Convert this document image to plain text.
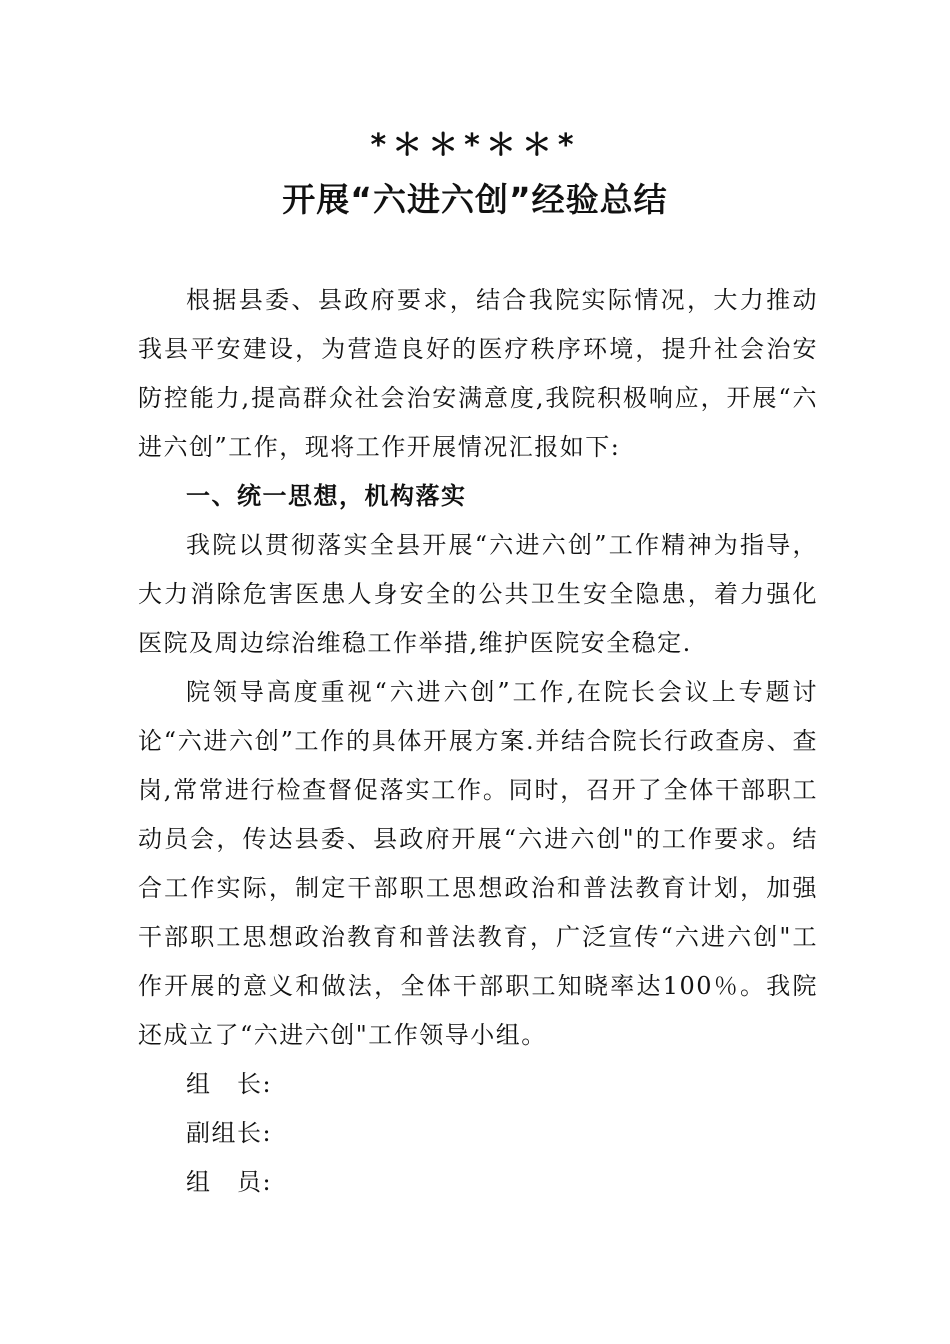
*＊＊*＊＊*
开展“六进六创”经验总结

根据县委、县政府要求，结合我院实际情况，大力推动我县平安建设，为营造良好的医疗秩序环境，提升社会治安防控能力,提高群众社会治安满意度,我院积极响应，开展“六进六创”工作，现将工作开展情况汇报如下:

一、统一思想，机构落实

我院以贯彻落实全县开展“六进六创”工作精神为指导，大力消除危害医患人身安全的公共卫生安全隐患，着力强化医院及周边综治维稳工作举措,维护医院安全稳定.

院领导高度重视“六进六创”工作,在院长会议上专题讨论“六进六创”工作的具体开展方案.并结合院长行政查房、查岗,常常进行检查督促落实工作。同时，召开了全体干部职工动员会，传达县委、县政府开展“六进六创"的工作要求。结合工作实际，制定干部职工思想政治和普法教育计划，加强干部职工思想政治教育和普法教育，广泛宣传“六进六创"工作开展的意义和做法，全体干部职工知晓率达100％。我院还成立了“六进六创"工作领导小组。

组　长:

副组长:

组　员:
